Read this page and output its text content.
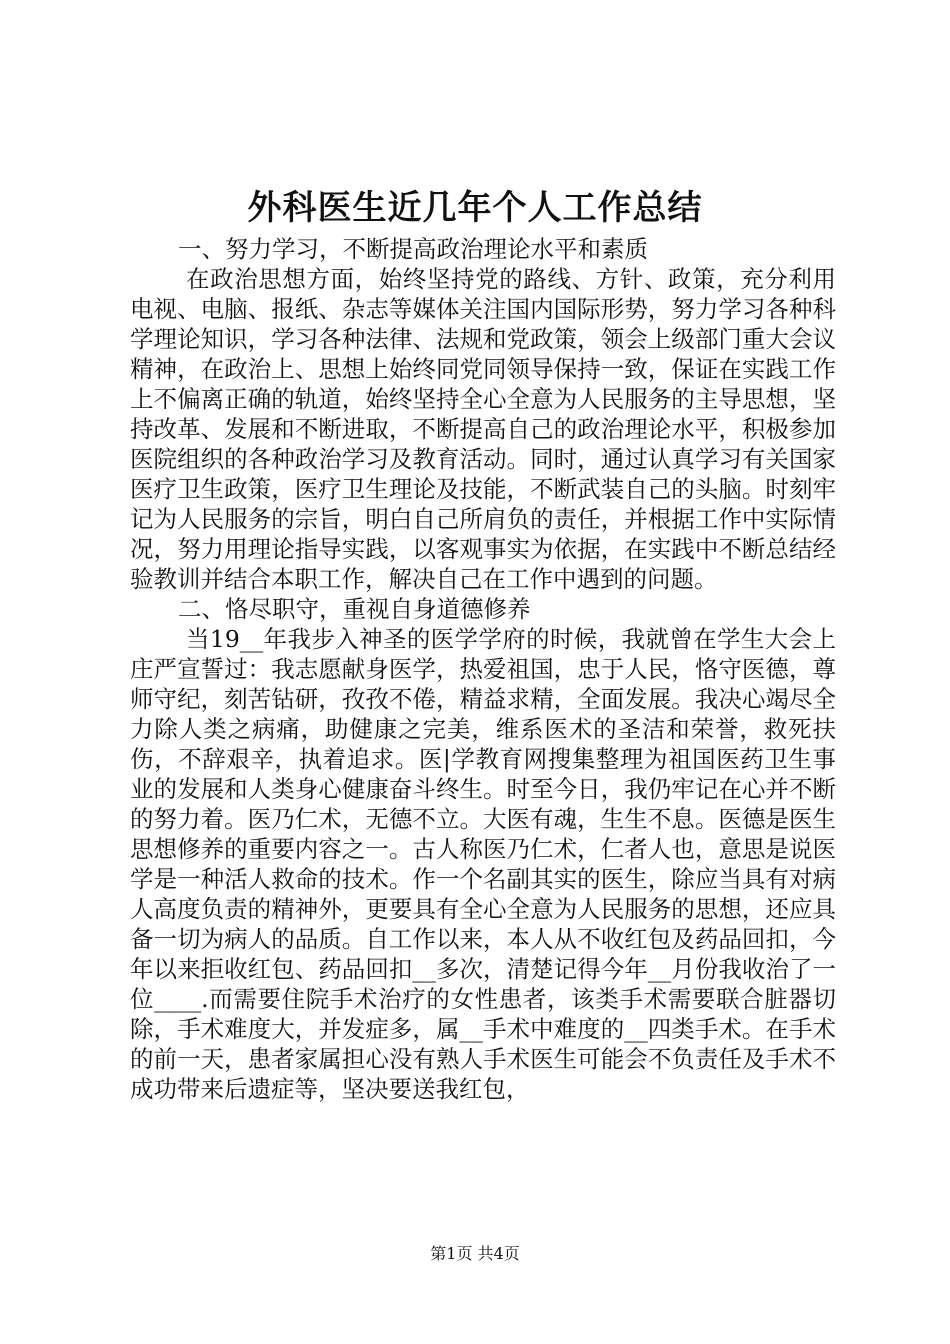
外科医生近几年个人工作总结

一、努力学习，不断提高政治理论水平和素质

在政治思想方面，始终坚持党的路线、方针、政策，充分利用电视、电脑、报纸、杂志等媒体关注国内国际形势，努力学习各种科学理论知识，学习各种法律、法规和党政策，领会上级部门重大会议精神，在政治上、思想上始终同党同领导保持一致，保证在实践工作上不偏离正确的轨道，始终坚持全心全意为人民服务的主导思想，坚持改革、发展和不断进取，不断提高自己的政治理论水平，积极参加医院组织的各种政治学习及教育活动。同时，通过认真学习有关国家医疗卫生政策，医疗卫生理论及技能，不断武装自己的头脑。时刻牢记为人民服务的宗旨，明白自己所肩负的责任，并根据工作中实际情况，努力用理论指导实践，以客观事实为依据，在实践中不断总结经验教训并结合本职工作，解决自己在工作中遇到的问题。

二、恪尽职守，重视自身道德修养

当19__年我步入神圣的医学学府的时候，我就曾在学生大会上庄严宣誓过：我志愿献身医学，热爱祖国，忠于人民，恪守医德，尊师守纪，刻苦钻研，孜孜不倦，精益求精，全面发展。我决心竭尽全力除人类之病痛，助健康之完美，维系医术的圣洁和荣誉，救死扶伤，不辞艰辛，执着追求。医|学教育网搜集整理为祖国医药卫生事业的发展和人类身心健康奋斗终生。时至今日，我仍牢记在心并不断的努力着。医乃仁术，无德不立。大医有魂，生生不息。医德是医生思想修养的重要内容之一。古人称医乃仁术，仁者人也，意思是说医学是一种活人救命的技术。作一个名副其实的医生，除应当具有对病人高度负责的精神外，更要具有全心全意为人民服务的思想，还应具备一切为病人的品质。自工作以来，本人从不收红包及药品回扣，今年以来拒收红包、药品回扣__多次，清楚记得今年__月份我收治了一位____.而需要住院手术治疗的女性患者，该类手术需要联合脏器切除，手术难度大，并发症多，属__手术中难度的__四类手术。在手术的前一天，患者家属担心没有熟人手术医生可能会不负责任及手术不成功带来后遗症等，坚决要送我红包，

第1页 共4页
